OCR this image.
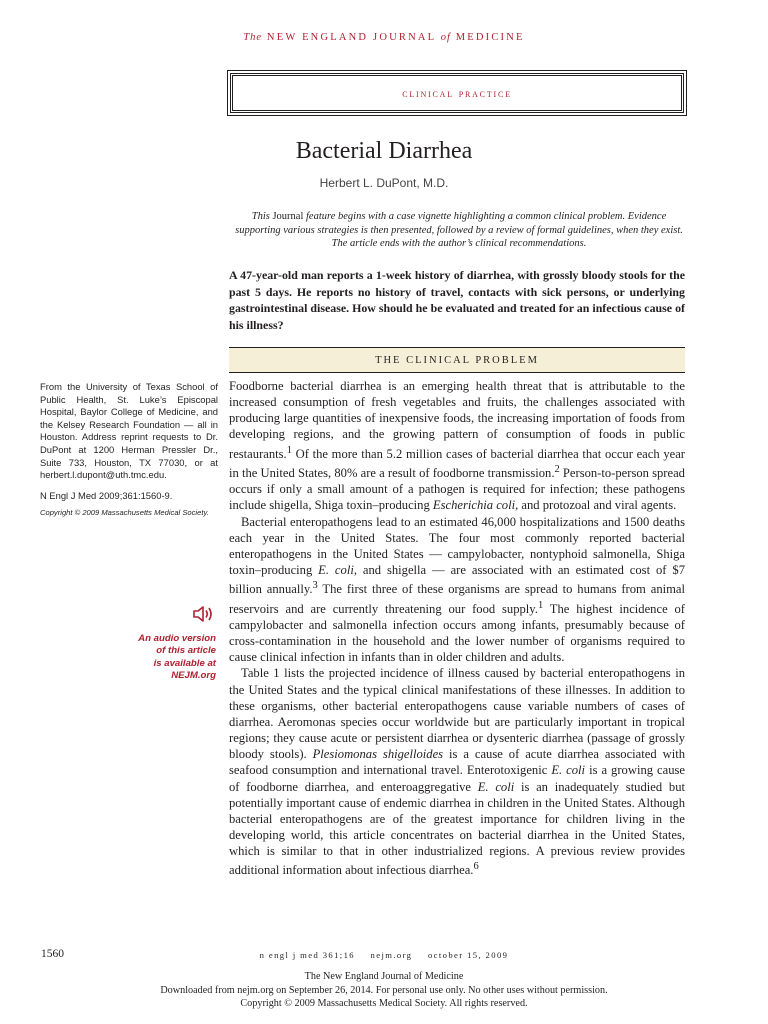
The NEW ENGLAND JOURNAL of MEDICINE
clinical practice
Bacterial Diarrhea
Herbert L. DuPont, M.D.
This Journal feature begins with a case vignette highlighting a common clinical problem. Evidence supporting various strategies is then presented, followed by a review of formal guidelines, when they exist. The article ends with the author’s clinical recommendations.
A 47-year-old man reports a 1-week history of diarrhea, with grossly bloody stools for the past 5 days. He reports no history of travel, contacts with sick persons, or underlying gastrointestinal disease. How should he be evaluated and treated for an infectious cause of his illness?
THE CLINICAL PROBLEM
From the University of Texas School of Public Health, St. Luke’s Episcopal Hospital, Baylor College of Medicine, and the Kelsey Research Foundation — all in Houston. Address reprint requests to Dr. DuPont at 1200 Herman Pressler Dr., Suite 733, Houston, TX 77030, or at herbert.l.dupont@uth.tmc.edu.
N Engl J Med 2009;361:1560-9.
Copyright © 2009 Massachusetts Medical Society.
An audio version
of this article
is available at
NEJM.org

Foodborne bacterial diarrhea is an emerging health threat that is attributable to the increased consumption of fresh vegetables and fruits, the challenges associated with producing large quantities of inexpensive foods, the increasing importation of foods from developing regions, and the growing pattern of consumption of foods in public restaurants.$^1$ Of the more than 5.2 million cases of bacterial diarrhea that occur each year in the United States, 80% are a result of foodborne transmission.$^2$ Person-to-person spread occurs if only a small amount of a pathogen is required for infection; these pathogens include shigella, Shiga toxin–producing Escherichia coli, and protozoal and viral agents.

Bacterial enteropathogens lead to an estimated 46,000 hospitalizations and 1500 deaths each year in the United States. The four most commonly reported bacterial enteropathogens in the United States — campylobacter, nontyphoid salmonella, Shiga toxin–producing E. coli, and shigella — are associated with an estimated cost of $7 billion annually.$^3$ The first three of these organisms are spread to humans from animal reservoirs and are currently threatening our food supply.$^1$ The highest incidence of campylobacter and salmonella infection occurs among infants, presumably because of cross-contamination in the household and the lower number of organisms required to cause clinical infection in infants than in older children and adults.

Table 1 lists the projected incidence of illness caused by bacterial enteropathogens in the United States and the typical clinical manifestations of these illnesses. In addition to these organisms, other bacterial enteropathogens cause variable numbers of cases of diarrhea. Aeromonas species occur worldwide but are particularly important in tropical regions; they cause acute or persistent diarrhea or dysenteric diarrhea (passage of grossly bloody stools). Plesiomonas shigelloides is a cause of acute diarrhea associated with seafood consumption and international travel. Enterotoxigenic E. coli is a growing cause of foodborne diarrhea, and enteroaggregative E. coli is an inadequately studied but potentially important cause of endemic diarrhea in children in the United States. Although bacterial enteropathogens are of the greatest importance for children living in the developing world, this article concentrates on bacterial diarrhea in the United States, which is similar to that in other industrialized regions. A previous review provides additional information about infectious diarrhea.$^6$

1560	n engl j med 361;16 nejm.org october 15, 2009
The New England Journal of Medicine
Downloaded from nejm.org on September 26, 2014. For personal use only. No other uses without permission.
Copyright © 2009 Massachusetts Medical Society. All rights reserved.
